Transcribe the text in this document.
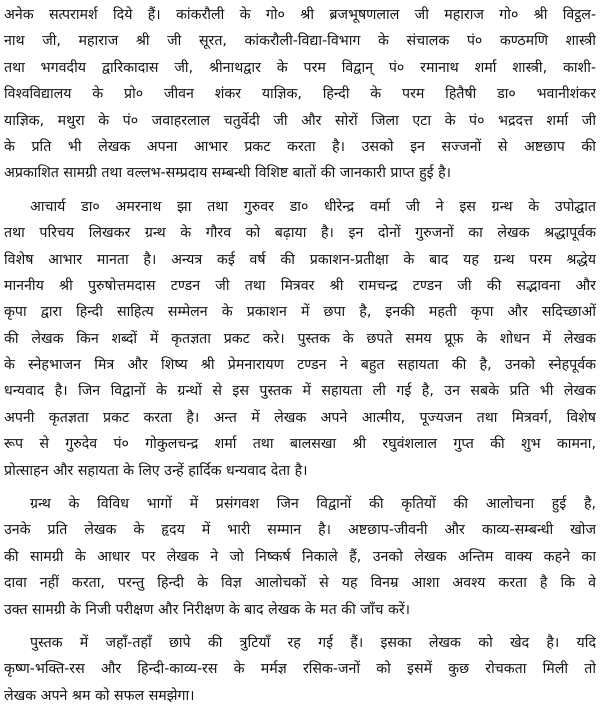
अनेक सत्परामर्श दिये हैं। कांकरौली के गो० श्री ब्रजभूषणलाल जी महाराज गो० श्री विट्ठल-
नाथ जी, महाराज श्री जी सूरत, कांकरौली-विद्या-विभाग के संचालक पं० कण्ठमणि शास्त्री
तथा भगवदीय द्वारिकादास जी, श्रीनाथद्वार के परम विद्वान् पं० रमानाथ शर्मा शास्त्री, काशी-
विश्वविद्यालय के प्रो० जीवन शंकर याज्ञिक, हिन्दी के परम हितैषी डा० भवानीशंकर
याज्ञिक, मथुरा के पं० जवाहरलाल चतुर्वेदी जी और सोरों जिला एटा के पं० भद्रदत्त शर्मा जी
के प्रति भी लेखक अपना आभार प्रकट करता है। उसको इन सज्जनों से अष्टछाप की
अप्रकाशित सामग्री तथा वल्लभ-सम्प्रदाय सम्बन्धी विशिष्ट बातों की जानकारी प्राप्त हुई है।
आचार्य डा० अमरनाथ झा तथा गुरुवर डा० धीरेन्द्र वर्मा जी ने इस ग्रन्थ के उपोद्घात
तथा परिचय लिखकर ग्रन्थ के गौरव को बढ़ाया है। इन दोनों गुरुजनों का लेखक श्रद्धापूर्वक
विशेष आभार मानता है। अन्यत्र कई वर्ष की प्रकाशन-प्रतीक्षा के बाद यह ग्रन्थ परम श्रद्धेय
माननीय श्री पुरुषोत्तमदास टण्डन जी तथा मित्रवर श्री रामचन्द्र टण्डन जी की सद्भावना और
कृपा द्वारा हिन्दी साहित्य सम्मेलन के प्रकाशन में छपा है, इनकी महती कृपा और सदिच्छाओं
की लेखक किन शब्दों में कृतज्ञता प्रकट करे। पुस्तक के छपते समय प्रूफ़ के शोधन में लेखक
के स्नेहभाजन मित्र और शिष्य श्री प्रेमनारायण टण्डन ने बहुत सहायता की है, उनको स्नेहपूर्वक
धन्यवाद है। जिन विद्वानों के ग्रन्थों से इस पुस्तक में सहायता ली गई है, उन सबके प्रति भी लेखक
अपनी कृतज्ञता प्रकट करता है। अन्त में लेखक अपने आत्मीय, पूज्यजन तथा मित्रवर्ग, विशेष
रूप से गुरुदेव पं० गोकुलचन्द्र शर्मा तथा बालसखा श्री रघुवंशलाल गुप्त की शुभ कामना,
प्रोत्साहन और सहायता के लिए उन्हें हार्दिक धन्यवाद देता है।
ग्रन्थ के विविध भागों में प्रसंगवश जिन विद्वानों की कृतियों की आलोचना हुई है,
उनके प्रति लेखक के हृदय में भारी सम्मान है। अष्टछाप-जीवनी और काव्य-सम्बन्धी खोज
की सामग्री के आधार पर लेखक ने जो निष्कर्ष निकाले हैं, उनको लेखक अन्तिम वाक्य कहने का
दावा नहीं करता, परन्तु हिन्दी के विज्ञ आलोचकों से यह विनम्र आशा अवश्य करता है कि वे
उक्त सामग्री के निजी परीक्षण और निरीक्षण के बाद लेखक के मत की जाँच करें।
पुस्तक में जहाँ-तहाँ छापे की त्रुटियाँ रह गई हैं। इसका लेखक को खेद है। यदि
कृष्ण-भक्ति-रस और हिन्दी-काव्य-रस के मर्मज्ञ रसिक-जनों को इसमें कुछ रोचकता मिली तो
लेखक अपने श्रम को सफल समझेगा।
